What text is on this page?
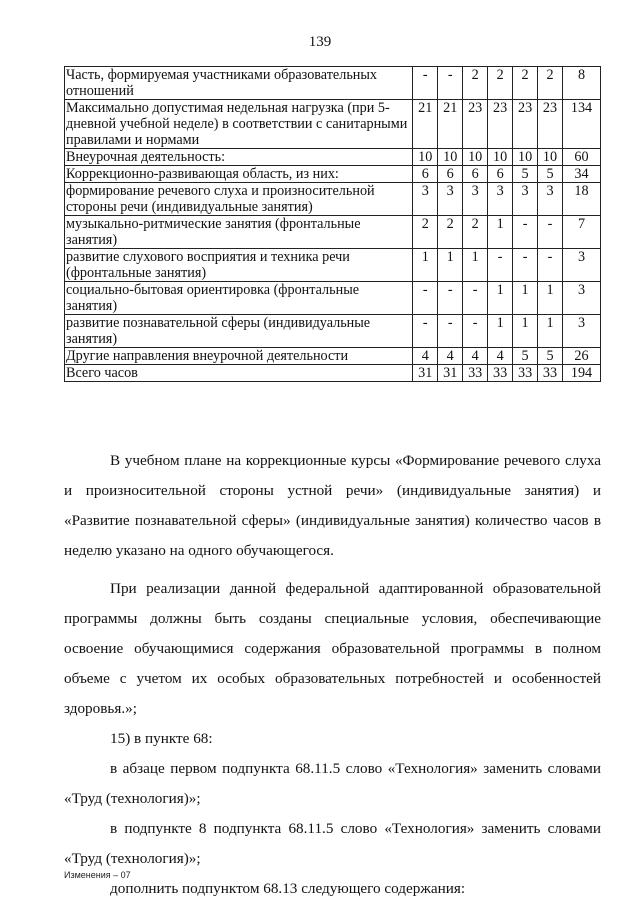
139
Часть, формируемая участниками образовательных отношений	-	-	2	2	2	2	8
Максимально допустимая недельная нагрузка (при 5-дневной учебной неделе) в соответствии с санитарными правилами и нормами	21	21	23	23	23	23	134
Внеурочная деятельность:	10	10	10	10	10	10	60
Коррекционно-развивающая область, из них:	6	6	6	6	5	5	34
формирование речевого слуха и произносительной стороны речи (индивидуальные занятия)	3	3	3	3	3	3	18
музыкально-ритмические занятия (фронтальные занятия)	2	2	2	1	-	-	7
развитие слухового восприятия и техника речи (фронтальные занятия)	1	1	1	-	-	-	3
социально-бытовая ориентировка (фронтальные занятия)	-	-	-	1	1	1	3
развитие познавательной сферы (индивидуальные занятия)	-	-	-	1	1	1	3
Другие направления внеурочной деятельности	4	4	4	4	5	5	26
Всего часов	31	31	33	33	33	33	194

В учебном плане на коррекционные курсы «Формирование речевого слуха и произносительной стороны устной речи» (индивидуальные занятия) и «Развитие познавательной сферы» (индивидуальные занятия) количество часов в неделю указано на одного обучающегося.

При реализации данной федеральной адаптированной образовательной программы должны быть созданы специальные условия, обеспечивающие освоение обучающимися содержания образовательной программы в полном объеме с учетом их особых образовательных потребностей и особенностей здоровья.»;

15) в пункте 68:

в абзаце первом подпункта 68.11.5 слово «Технология» заменить словами «Труд (технология)»;

в подпункте 8 подпункта 68.11.5 слово «Технология» заменить словами «Труд (технология)»;

дополнить подпунктом 68.13 следующего содержания:

Изменения – 07
